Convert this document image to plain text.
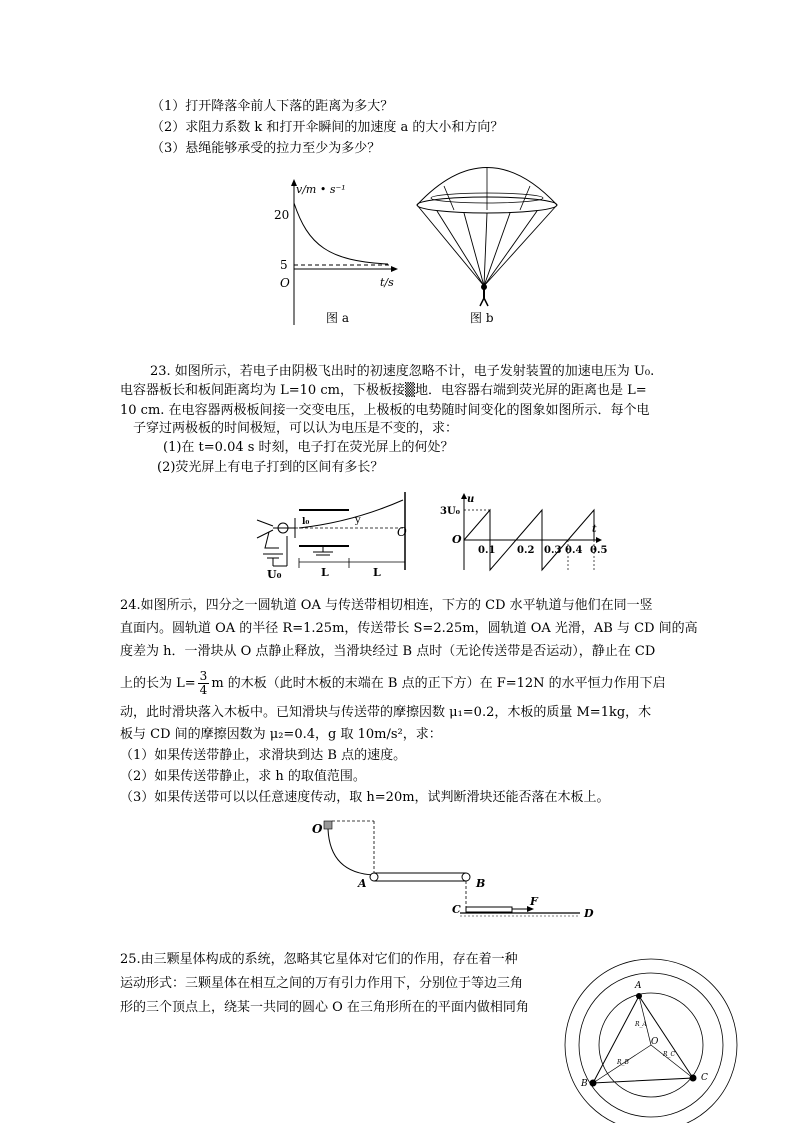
（1）打开降落伞前人下落的距离为多大？
（2）求阻力系数 k 和打开伞瞬间的加速度 a 的大小和方向？
（3）悬绳能够承受的拉力至少为多少？
v/m • s⁻¹
20
5
O	t/s
图 a	图 b
23. 如图所示，若电子由阴极飞出时的初速度忽略不计，电子发射装置的加速电压为 U₀.
电容器板长和板间距离均为 L=10 cm，下极板接▒地．电容器右端到荧光屏的距离也是 L=
10 cm. 在电容器两极板间接一交变电压，上极板的电势随时间变化的图象如图所示．每个电
子穿过两极板的时间极短，可以认为电压是不变的，求：
(1)在 t=0.04 s 时刻，电子打在荧光屏上的何处？
(2)荧光屏上有电子打到的区间有多长？
U₀
l₀	y
O
L	L
u
t
3U₀
O
0.1 0.2 0.3 0.4 0.5
24.如图所示，四分之一圆轨道 OA 与传送带相切相连，下方的 CD 水平轨道与他们在同一竖
直面内。圆轨道 OA 的半径 R=1.25m，传送带长 S=2.25m，圆轨道 OA 光滑，AB 与 CD 间的高
度差为 h．一滑块从 O 点静止释放，当滑块经过 B 点时（无论传送带是否运动），静止在 CD
上的长为 $L= \frac{3}{4}$ m 的木板（此时木板的末端在 B 点的正下方）在 F=12N 的水平恒力作用下启
动，此时滑块落入木板中。已知滑块与传送带的摩擦因数 μ₁=0.2，木板的质量 M=1kg，木
板与 CD 间的摩擦因数为 μ₂=0.4，g 取 10m/s²，求：
（1）如果传送带静止，求滑块到达 B 点的速度。
（2）如果传送带静止，求 h 的取值范围。
（3）如果传送带可以以任意速度传动，取 h=20m，试判断滑块还能否落在木板上。
O
A	B
C
F
D
25.由三颗星体构成的系统，忽略其它星体对它们的作用，存在着一种
运动形式：三颗星体在相互之间的万有引力作用下，分别位于等边三角
形的三个顶点上，绕某一共同的圆心 O 在三角形所在的平面内做相同角
A
B
C
O
R_A
R_B
R_C
